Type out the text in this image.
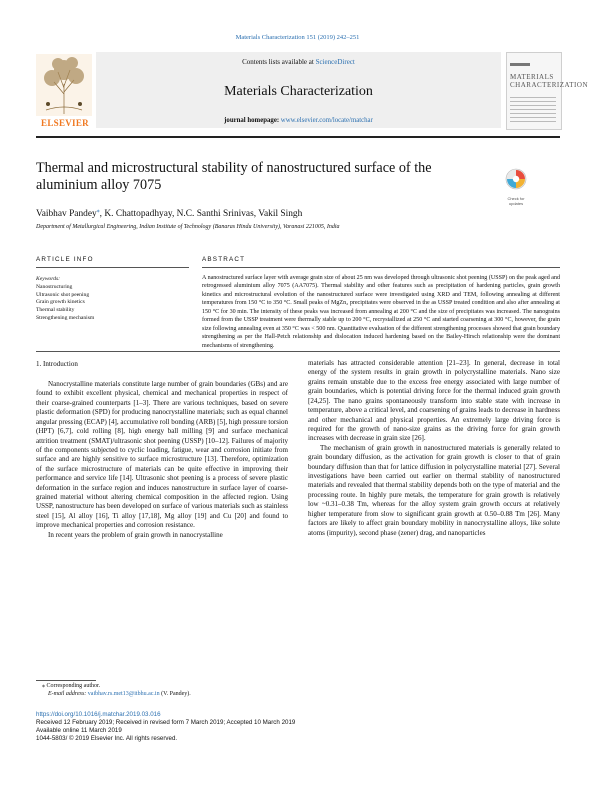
Materials Characterization 151 (2019) 242–251
Contents lists available at ScienceDirect
Materials Characterization
journal homepage: www.elsevier.com/locate/matchar
ELSEVIER
MATERIALS CHARACTERIZATION
Thermal and microstructural stability of nanostructured surface of the aluminium alloy 7075
Check for updates
Vaibhav Pandey⁎, K. Chattopadhyay, N.C. Santhi Srinivas, Vakil Singh
Department of Metallurgical Engineering, Indian Institute of Technology (Banaras Hindu University), Varanasi 221005, India
ARTICLE INFO	ABSTRACT
Keywords:
Nanostructuring
Ultrasonic shot peening
Grain growth kinetics
Thermal stability
Strengthening mechanism
A nanostructured surface layer with average grain size of about 25 nm was developed through ultrasonic shot peening (USSP) on the peak aged and retrogressed aluminium alloy 7075 (AA7075). Thermal stability and other features such as precipitation of hardening particles, grain growth kinetics and microstructural evolution of the nanostructured surface were investigated using XRD and TEM, following annealing at different temperatures from 150 °C to 350 °C. Small peaks of MgZn₂ precipitates were observed in the as USSP treated condition and also after annealing at 150 °C for 30 min. The intensity of these peaks was increased from annealing at 200 °C and the size of precipitates was increased. The nanograins formed from the USSP treatment were thermally stable up to 200 °C, recrystallized at 250 °C and started coarsening at 300 °C, however, the grain size following annealing even at 350 °C was < 500 nm. Quantitative evaluation of the different strengthening processes showed that grain boundary strengthening as per the Hall-Petch relationship and dislocation induced hardening based on the Bailey-Hirsch relationship were the dominant mechanisms of strengthening.
1. Introduction

Nanocrystalline materials constitute large number of grain boundaries (GBs) and are found to exhibit excellent physical, chemical and mechanical properties in respect of their coarse-grained counterparts [1–3]. There are various techniques, based on severe plastic deformation (SPD) for producing nanocrystalline materials; such as equal channel angular pressing (ECAP) [4], accumulative roll bonding (ARB) [5], high pressure torsion (HPT) [6,7], cold rolling [8], high energy ball milling [9] and surface mechanical attrition treatment (SMAT)/ultrasonic shot peening (USSP) [10–12]. Failures of majority of the components subjected to cyclic loading, fatigue, wear and corrosion initiate from surface and are highly sensitive to surface microstructure [13]. Therefore, optimization of the surface microstructure of materials can be quite effective in improving their performance and service life [14]. Ultrasonic shot peening is a process of severe plastic deformation in the surface region and induces nanostructure in surface layer of coarse-grained material without altering chemical composition in the affected region. Using USSP, nanostructure has been developed on surface of various materials such as stainless steel [15], Al alloy [16], Ti alloy [17,18], Mg alloy [19] and Cu [20] and found to improve mechanical properties and corrosion resistance.

In recent years the problem of grain growth in nanocrystalline

materials has attracted considerable attention [21–23]. In general, decrease in total energy of the system results in grain growth in polycrystalline materials. Nano size grains remain unstable due to the excess free energy associated with large number of grain boundaries, which is potential driving force for the thermal induced grain growth [24,25]. The nano grains spontaneously transform into stable state with increase in temperature, above a critical level, and coarsening of grains leads to decrease in hardness and other mechanical and physical properties. An extremely large driving force is required for the growth of nano-size grains as the driving force for grain growth increases with decrease in grain size [26].

The mechanism of grain growth in nanostructured materials is generally related to grain boundary diffusion, as the activation for grain growth is closer to that of grain boundary diffusion than that for lattice diffusion in polycrystalline material [27]. Several investigations have been carried out earlier on thermal stability of nanostructured materials and revealed that thermal stability depends both on the type of material and the processing route. In highly pure metals, the temperature for grain growth is relatively low ~0.31–0.38 Tm, whereas for the alloy system grain growth occurs at relatively higher temperature from slow to significant grain growth at 0.50–0.88 Tm [26]. Many factors are likely to affect grain boundary mobility in nanocrystalline alloys, like solute atoms (impurity), second phase (zener) drag, and nanoparticles

⁎ Corresponding author.
E-mail address: vaibhav.rs.met13@itbhu.ac.in (V. Pandey).
https://doi.org/10.1016/j.matchar.2019.03.016
Received 12 February 2019; Received in revised form 7 March 2019; Accepted 10 March 2019
Available online 11 March 2019
1044-5803/ © 2019 Elsevier Inc. All rights reserved.
